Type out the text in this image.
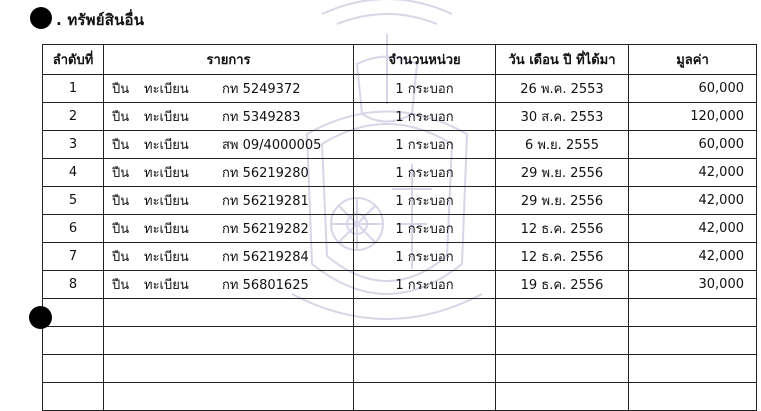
. ทรัพย์สินอื่น
ลำดับที่	รายการ	จำนวนหน่วย	วัน เดือน ปี ที่ได้มา	มูลค่า
1	ปืน ทะเบียน กท 5249372	1 กระบอก	26 พ.ค. 2553	60,000
2	ปืน ทะเบียน กท 5349283	1 กระบอก	30 ส.ค. 2553	120,000
3	ปืน ทะเบียน สพ 09/4000005	1 กระบอก	6 พ.ย. 2555	60,000
4	ปืน ทะเบียน กท 56219280	1 กระบอก	29 พ.ย. 2556	42,000
5	ปืน ทะเบียน กท 56219281	1 กระบอก	29 พ.ย. 2556	42,000
6	ปืน ทะเบียน กท 56219282	1 กระบอก	12 ธ.ค. 2556	42,000
7	ปืน ทะเบียน กท 56219284	1 กระบอก	12 ธ.ค. 2556	42,000
8	ปืน ทะเบียน กท 56801625	1 กระบอก	19 ธ.ค. 2556	30,000
